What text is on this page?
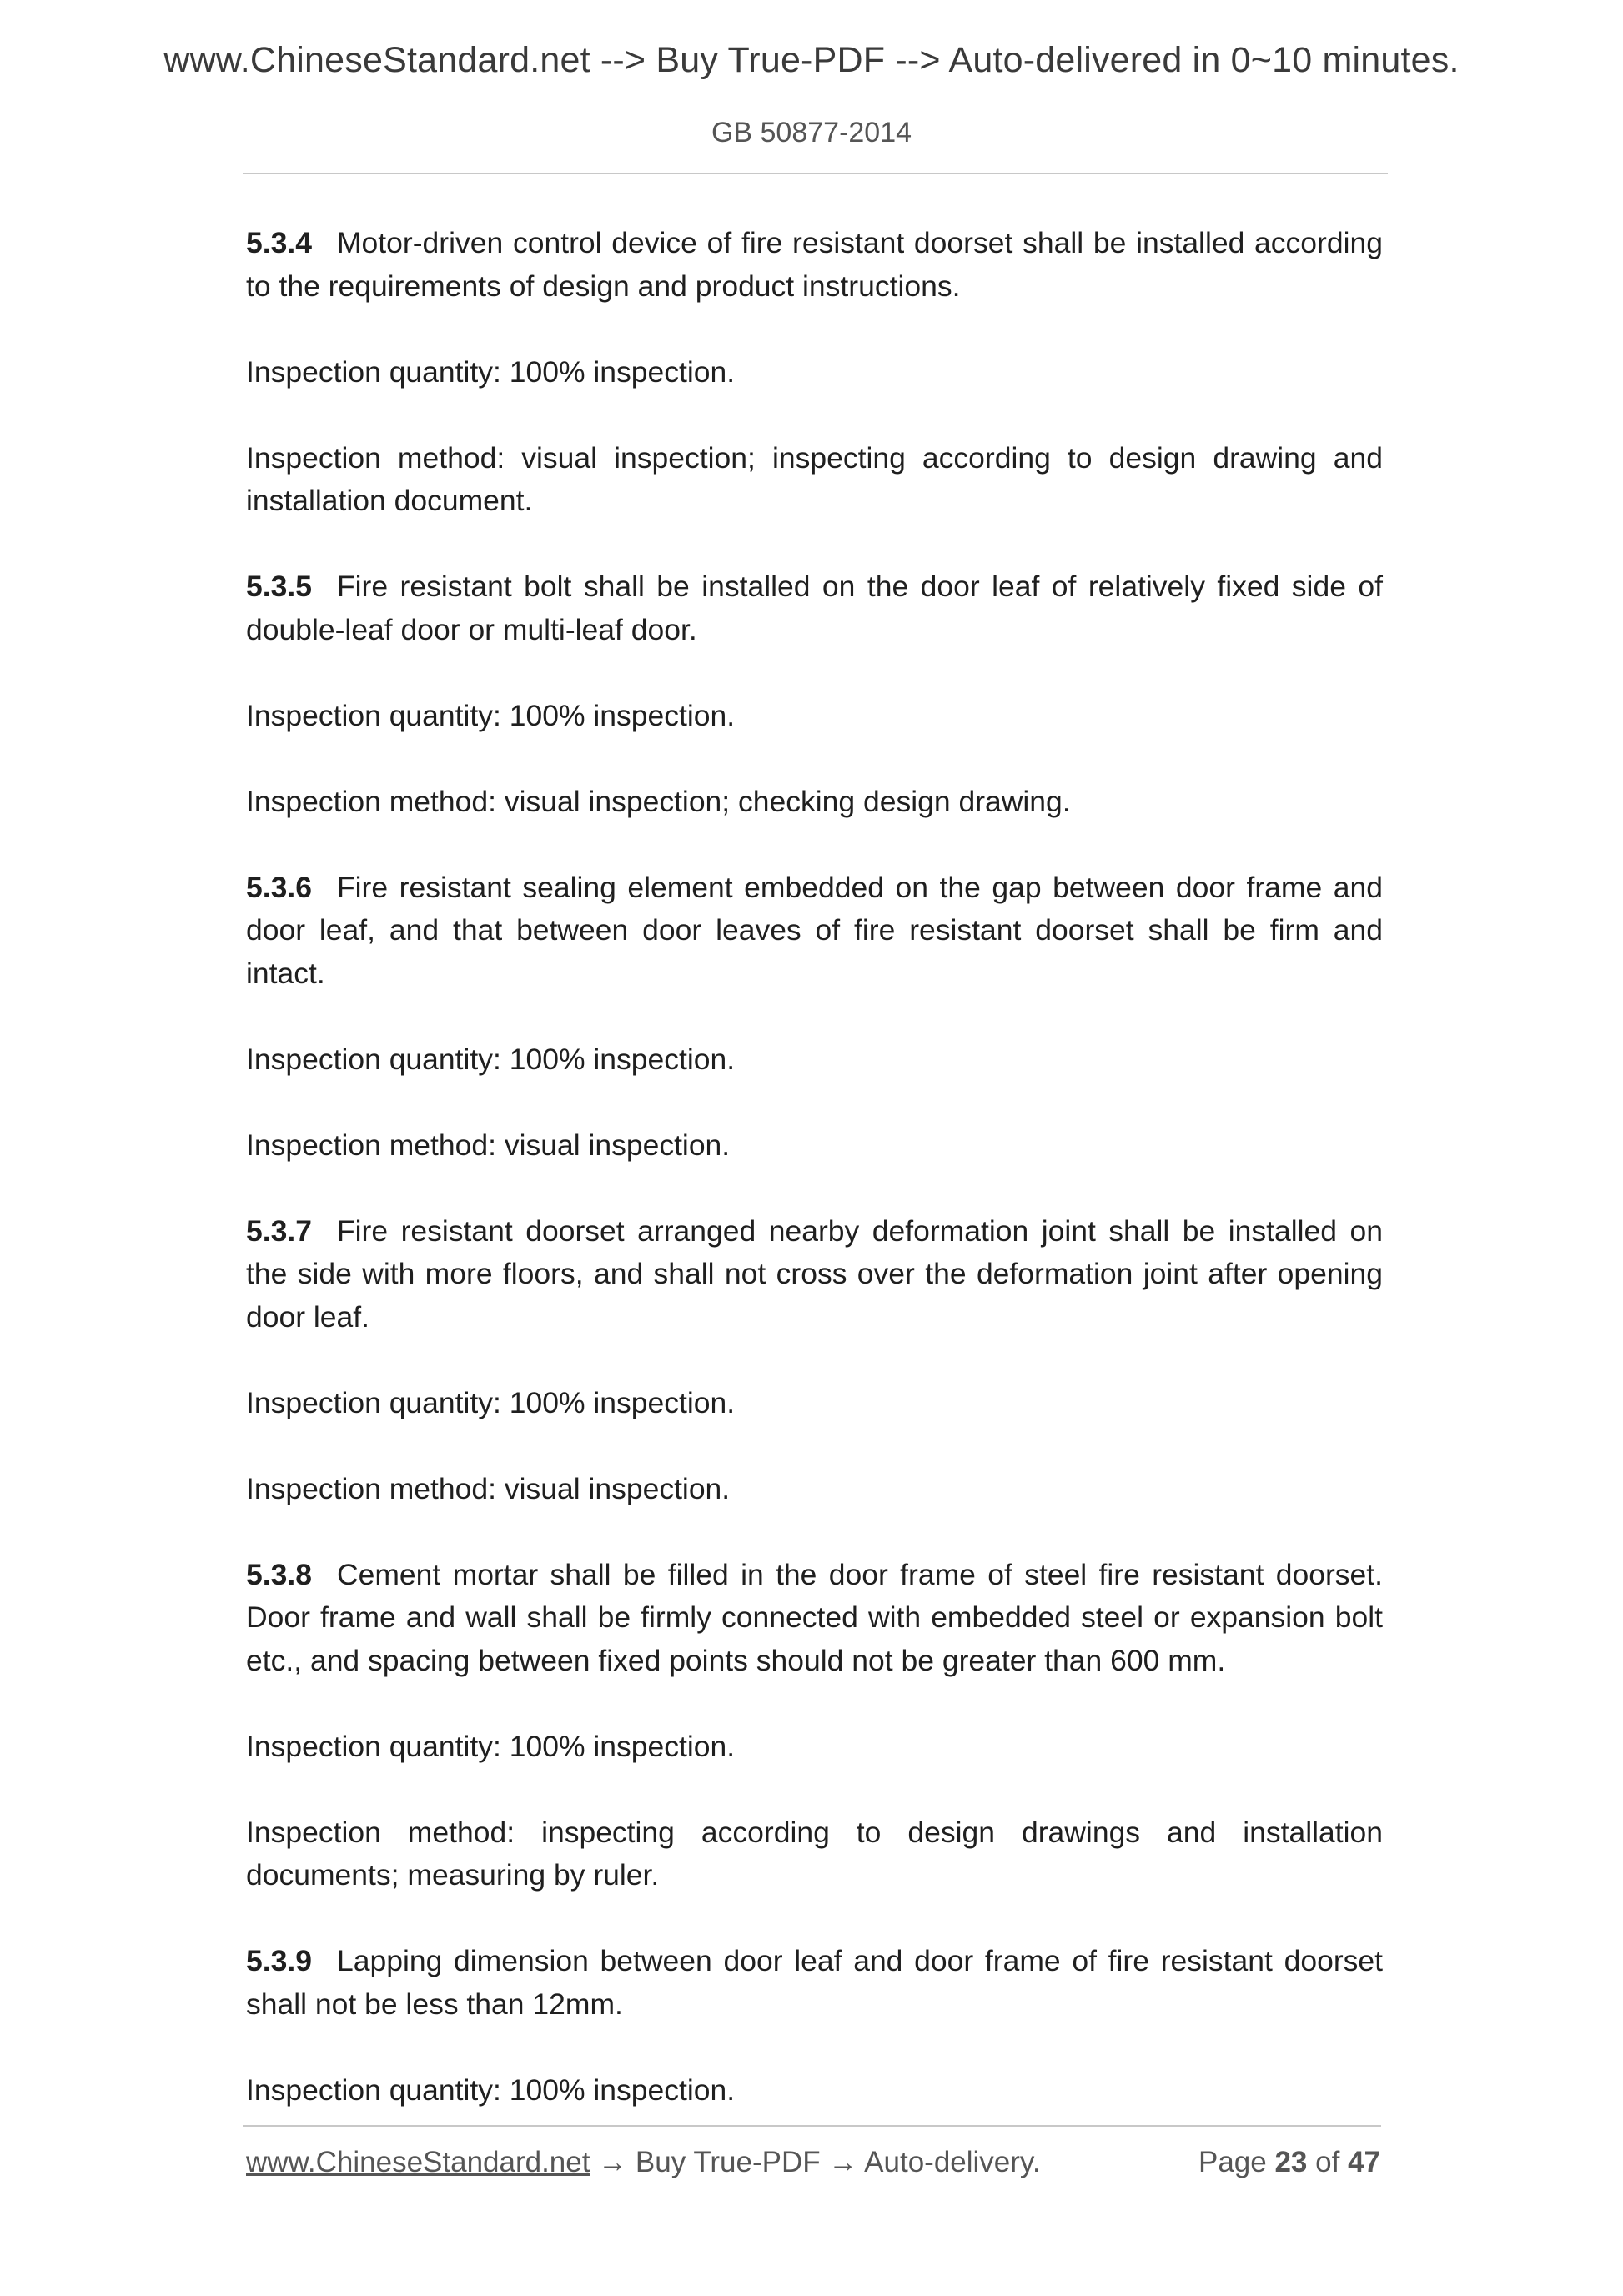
www.ChineseStandard.net --> Buy True-PDF --> Auto-delivered in 0~10 minutes.
GB 50877-2014

5.3.4 Motor-driven control device of fire resistant doorset shall be installed according to the requirements of design and product instructions.

Inspection quantity: 100% inspection.

Inspection method: visual inspection; inspecting according to design drawing and installation document.

5.3.5 Fire resistant bolt shall be installed on the door leaf of relatively fixed side of double-leaf door or multi-leaf door.

Inspection quantity: 100% inspection.

Inspection method: visual inspection; checking design drawing.

5.3.6 Fire resistant sealing element embedded on the gap between door frame and door leaf, and that between door leaves of fire resistant doorset shall be firm and intact.

Inspection quantity: 100% inspection.

Inspection method: visual inspection.

5.3.7 Fire resistant doorset arranged nearby deformation joint shall be installed on the side with more floors, and shall not cross over the deformation joint after opening door leaf.

Inspection quantity: 100% inspection.

Inspection method: visual inspection.

5.3.8 Cement mortar shall be filled in the door frame of steel fire resistant doorset. Door frame and wall shall be firmly connected with embedded steel or expansion bolt etc., and spacing between fixed points should not be greater than 600 mm.

Inspection quantity: 100% inspection.

Inspection method: inspecting according to design drawings and installation documents; measuring by ruler.

5.3.9 Lapping dimension between door leaf and door frame of fire resistant doorset shall not be less than 12mm.

Inspection quantity: 100% inspection.

www.ChineseStandard.net → Buy True-PDF → Auto-delivery.	Page 23 of 47
